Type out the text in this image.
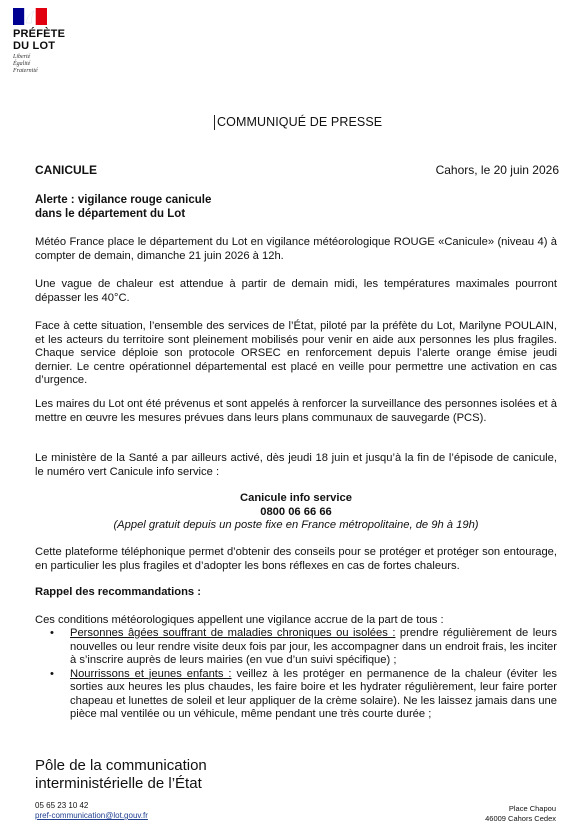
PRÉFÈTE
DU LOT
Liberté
Égalité
Fraternité
COMMUNIQUÉ DE PRESSE
CANICULE	Cahors, le 20 juin 2026
Alerte : vigilance rouge canicule
dans le département du Lot
Météo France place le département du Lot en vigilance météorologique ROUGE «Canicule» (niveau 4) à compter de demain, dimanche 21 juin 2026 à 12h.
Une vague de chaleur est attendue à partir de demain midi, les températures maximales pourront dépasser les 40°C.
Face à cette situation, l’ensemble des services de l’État, piloté par la préfète du Lot, Marilyne POULAIN, et les acteurs du territoire sont pleinement mobilisés pour venir en aide aux personnes les plus fragiles. Chaque service déploie son protocole ORSEC en renforcement depuis l’alerte orange émise jeudi dernier. Le centre opérationnel départemental est placé en veille pour permettre une activation en cas d’urgence.
Les maires du Lot ont été prévenus et sont appelés à renforcer la surveillance des personnes isolées et à mettre en œuvre les mesures prévues dans leurs plans communaux de sauvegarde (PCS).
Le ministère de la Santé a par ailleurs activé, dès jeudi 18 juin et jusqu’à la fin de l’épisode de canicule, le numéro vert Canicule info service :
Canicule info service
0800 06 66 66
(Appel gratuit depuis un poste fixe en France métropolitaine, de 9h à 19h)
Cette plateforme téléphonique permet d’obtenir des conseils pour se protéger et protéger son entourage, en particulier les plus fragiles et d’adopter les bons réflexes en cas de fortes chaleurs.
Rappel des recommandations :
Ces conditions météorologiques appellent une vigilance accrue de la part de tous :
• Personnes âgées souffrant de maladies chroniques ou isolées : prendre régulièrement de leurs nouvelles ou leur rendre visite deux fois par jour, les accompagner dans un endroit frais, les inciter à s’inscrire auprès de leurs mairies (en vue d’un suivi spécifique) ;
• Nourrissons et jeunes enfants : veillez à les protéger en permanence de la chaleur (éviter les sorties aux heures les plus chaudes, les faire boire et les hydrater régulièrement, leur faire porter chapeau et lunettes de soleil et leur appliquer de la crème solaire). Ne les laissez jamais dans une pièce mal ventilée ou un véhicule, même pendant une très courte durée ;
Pôle de la communication
interministérielle de l’État
05 65 23 10 42
pref-communication@lot.gouv.fr
Place Chapou
46009 Cahors Cedex
